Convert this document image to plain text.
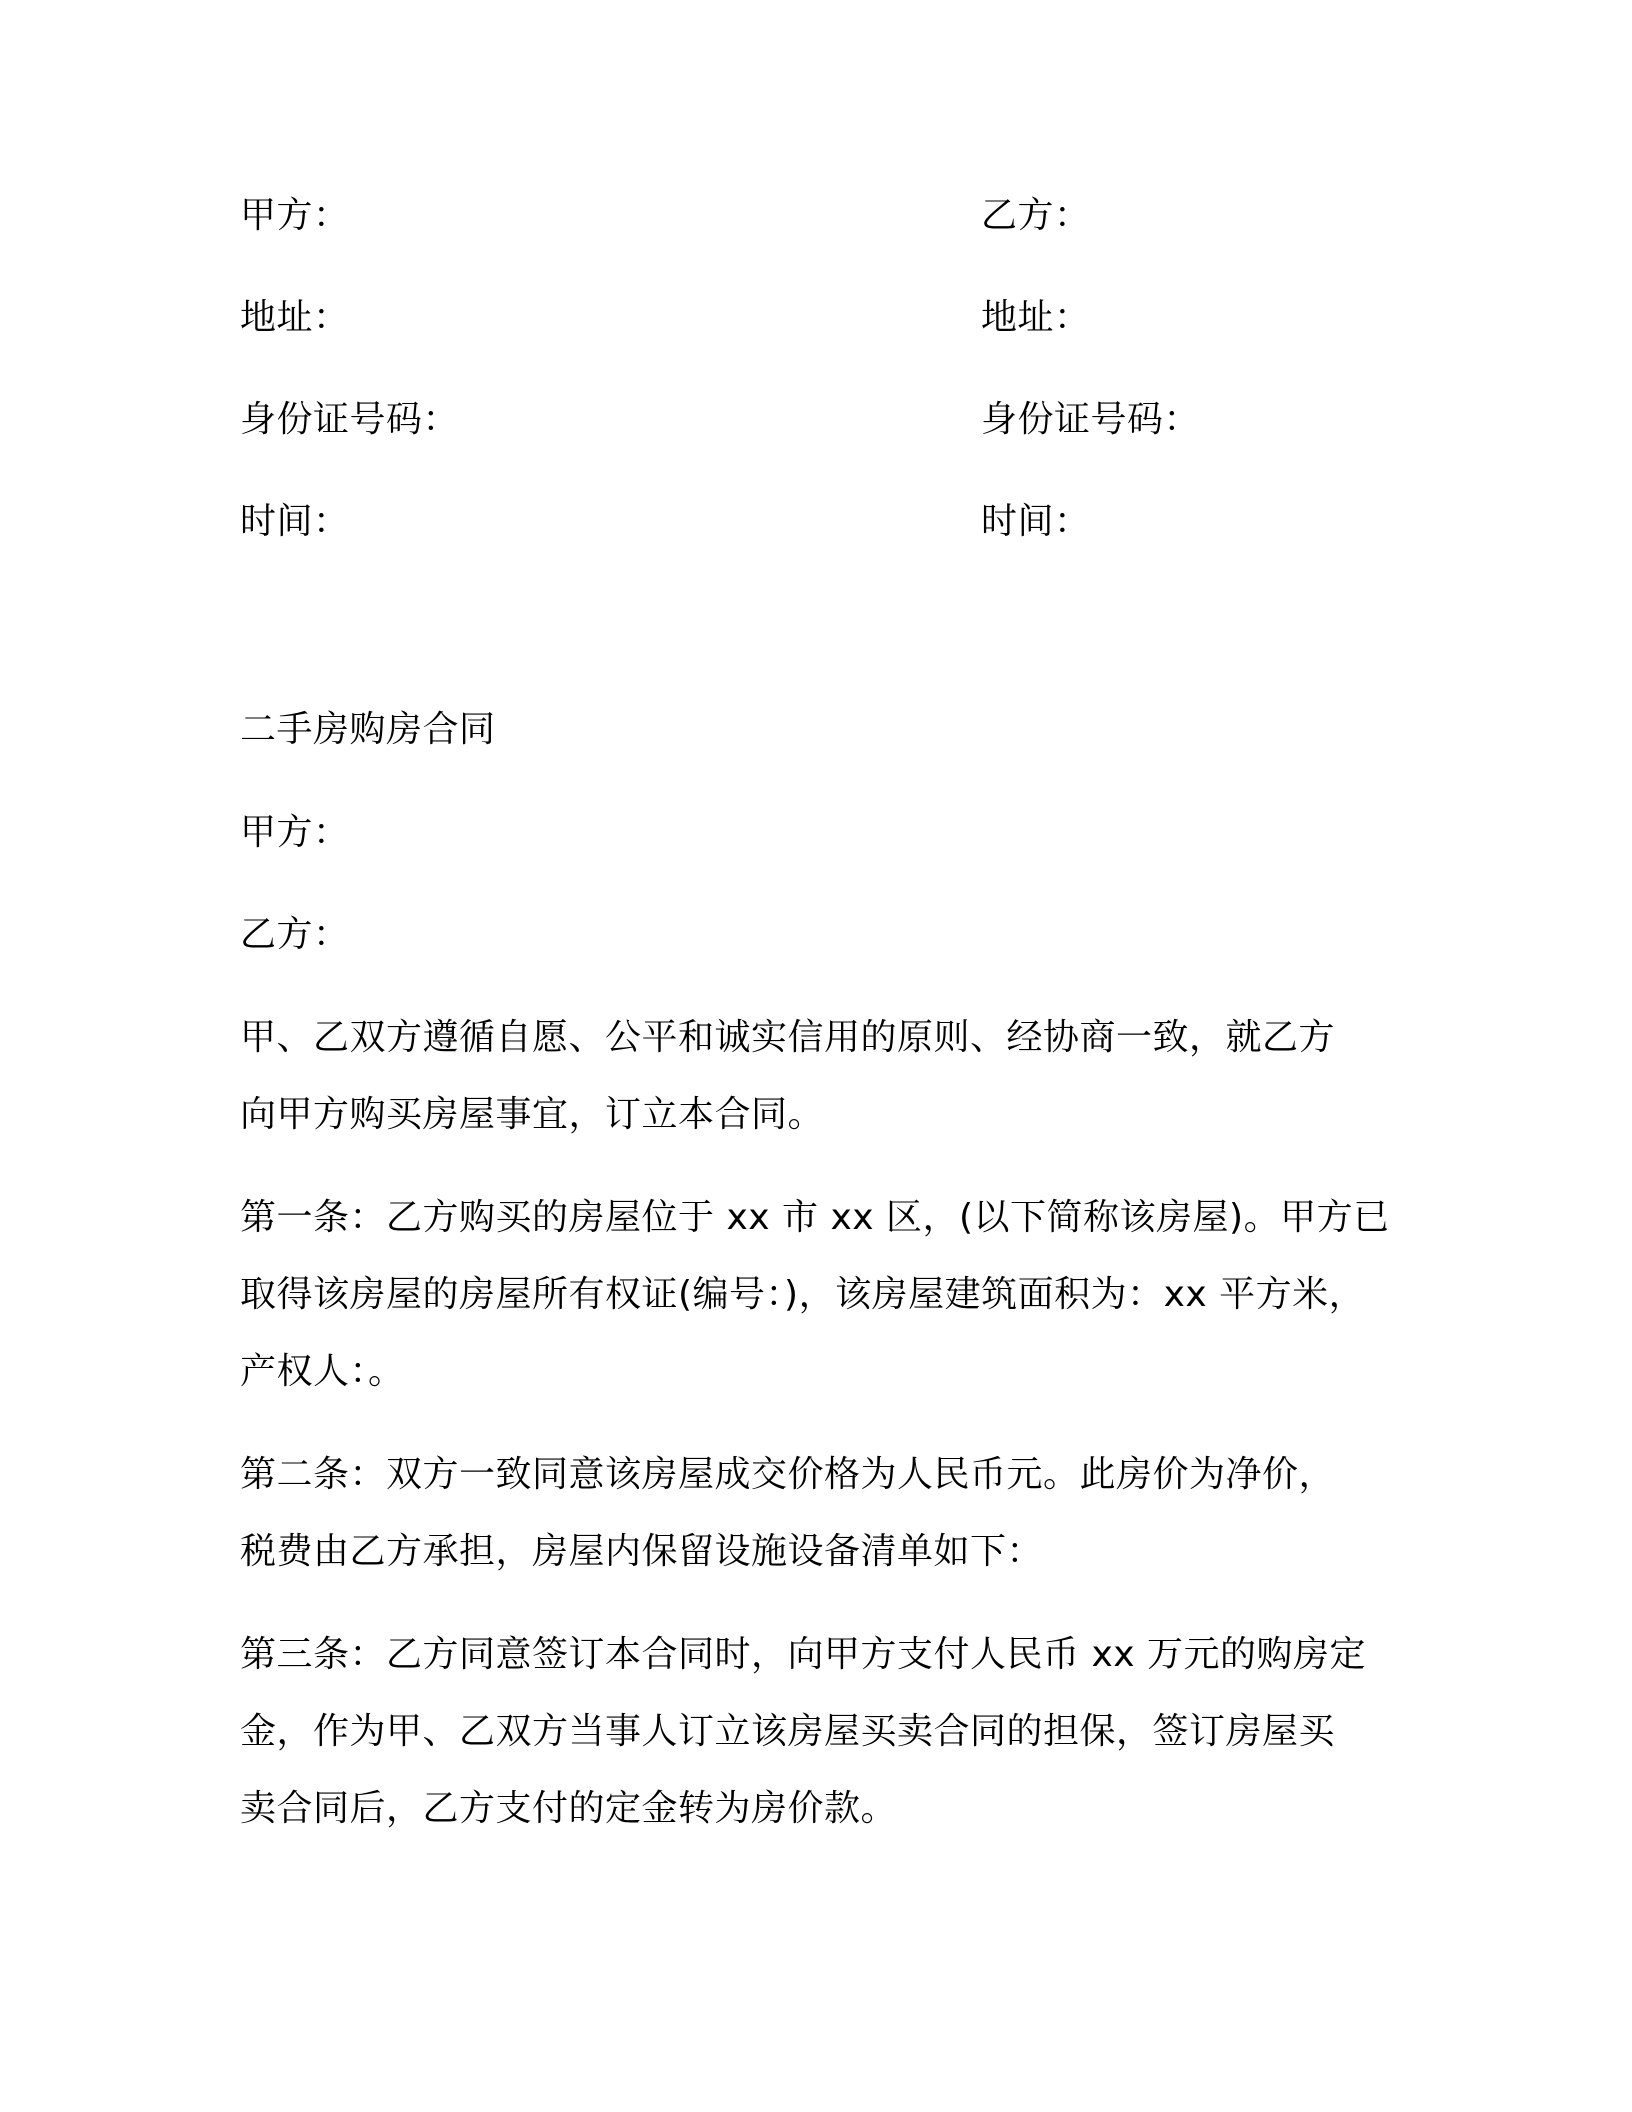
甲方：
地址：
身份证号码：
时间：
乙方：
地址：
身份证号码：
时间：
二手房购房合同
甲方：
乙方：
甲、乙双方遵循自愿、公平和诚实信用的原则、经协商一致，就乙方
向甲方购买房屋事宜，订立本合同。
第一条：乙方购买的房屋位于 xx 市 xx 区，(以下简称该房屋)。甲方已
取得该房屋的房屋所有权证(编号：)，该房屋建筑面积为：xx 平方米，
产权人：。
第二条：双方一致同意该房屋成交价格为人民币元。此房价为净价，
税费由乙方承担，房屋内保留设施设备清单如下：
第三条：乙方同意签订本合同时，向甲方支付人民币 xx 万元的购房定
金，作为甲、乙双方当事人订立该房屋买卖合同的担保，签订房屋买
卖合同后，乙方支付的定金转为房价款。
